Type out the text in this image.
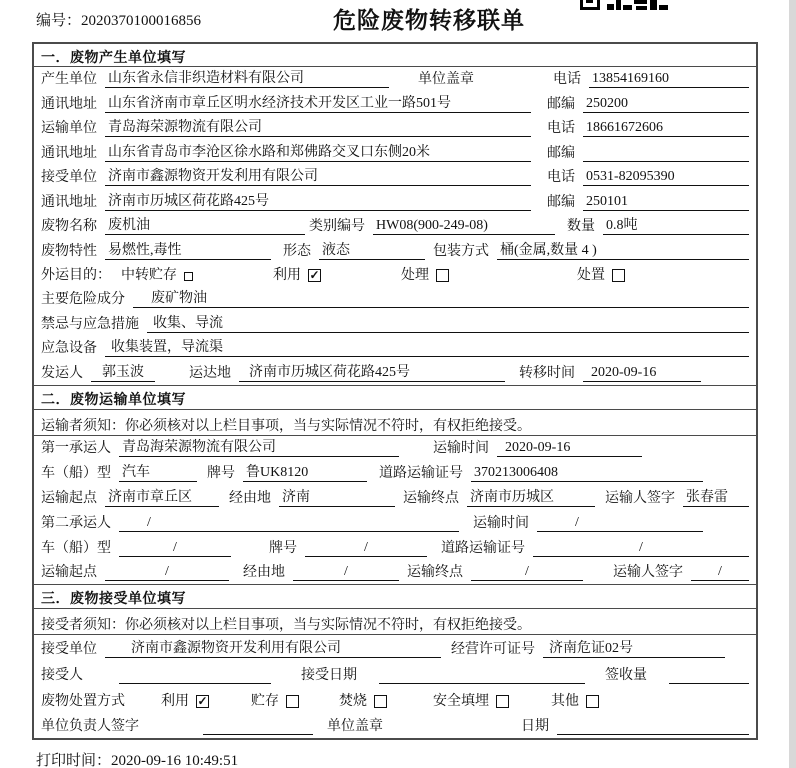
编号：2020370100016856	危险废物转移联单
一．废物产生单位填写
产生单位 山东省永信非织造材料有限公司	单位盖章	电话 13854169160
通讯地址 山东省济南市章丘区明水经济技术开发区工业一路501号	邮编 250200
运输单位 青岛海荣源物流有限公司	电话 18661672606
通讯地址 山东省青岛市李沧区徐水路和郑佛路交叉口东侧20米	邮编
接受单位 济南市鑫源物资开发利用有限公司	电话 0531-82095390
通讯地址 济南市历城区荷花路425号	邮编 250101
废物名称 废机油	类别编号 HW08(900-249-08)	数量 0.8吨
废物特性 易燃性,毒性	形态 液态	包装方式 桶(金属,数量 4 )
外运目的： 中转贮存	利用 ✓	处理	处置
主要危险成分	废矿物油
禁忌与应急措施	收集、导流
应急设备	收集装置，导流渠
发运人	郭玉波	运达地	济南市历城区荷花路425号	转移时间	2020-09-16
二．废物运输单位填写
运输者须知：你必须核对以上栏目事项，当与实际情况不符时，有权拒绝接受。
第一承运人 青岛海荣源物流有限公司	运输时间	2020-09-16
车（船）型 汽车	牌号 鲁UK8120	道路运输证号 370213006408
运输起点 济南市章丘区	经由地 济南	运输终点 济南市历城区	运输人签字 张春雷
第二承运人	/	运输时间	/
车（船）型	/	牌号	/	道路运输证号	/
运输起点	/	经由地	/	运输终点	/	运输人签字	/
三．废物接受单位填写
接受者须知：你必须核对以上栏目事项，当与实际情况不符时，有权拒绝接受。
接受单位	济南市鑫源物资开发利用有限公司	经营许可证号	济南危证02号
接受人	接受日期	签收量
废物处置方式	利用 ✓	贮存	焚烧	安全填埋	其他
单位负责人签字	单位盖章	日期
打印时间：2020-09-16 10:49:51
